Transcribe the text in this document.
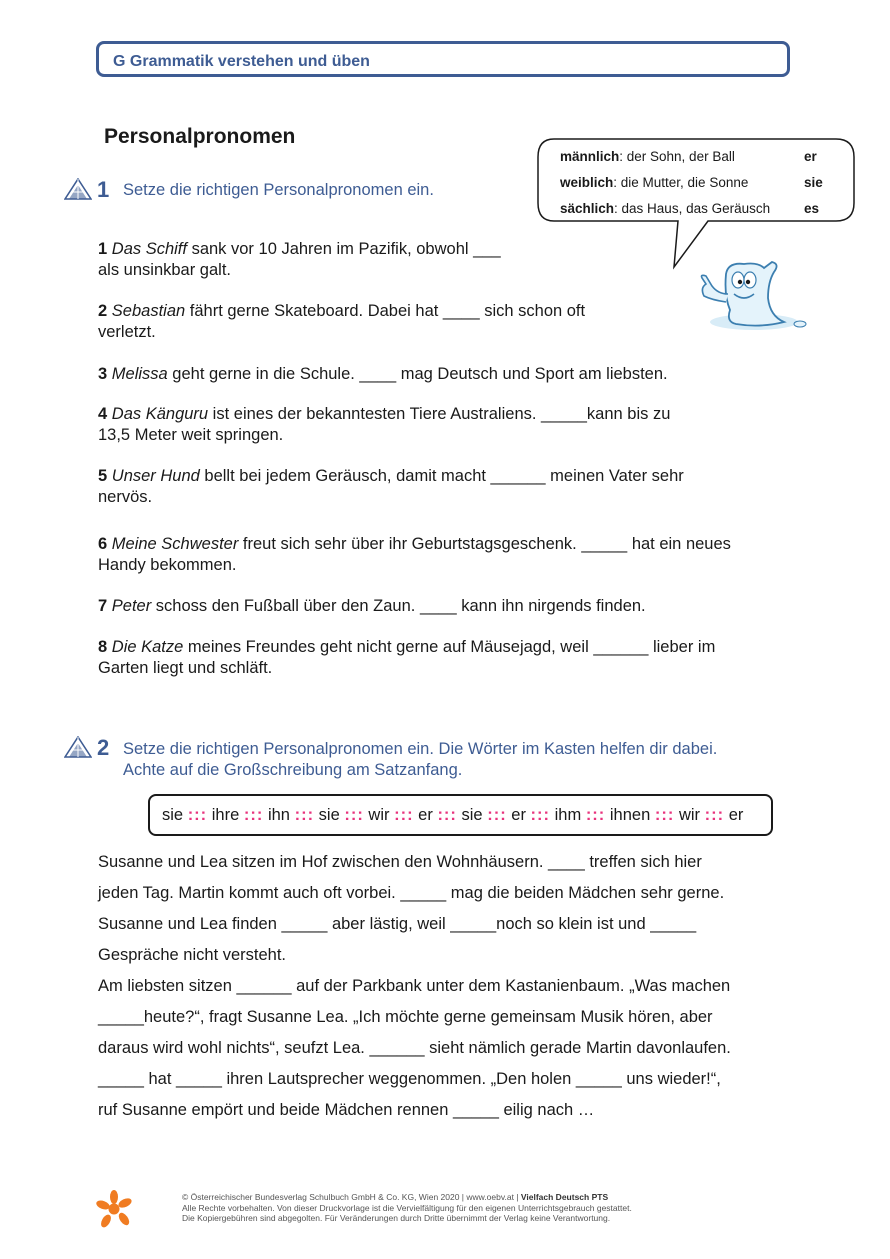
G Grammatik verstehen und üben
Personalpronomen
männlich: der Sohn, der Ball	er
weiblich: die Mutter, die Sonne	sie
sächlich: das Haus, das Geräusch	es
1 Setze die richtigen Personalpronomen ein.
1 Das Schiff sank vor 10 Jahren im Pazifik, obwohl ___
als unsinkbar galt.
2 Sebastian fährt gerne Skateboard. Dabei hat ____ sich schon oft
verletzt.
3 Melissa geht gerne in die Schule. ____ mag Deutsch und Sport am liebsten.
4 Das Känguru ist eines der bekanntesten Tiere Australiens. _____kann bis zu
13,5 Meter weit springen.
5 Unser Hund bellt bei jedem Geräusch, damit macht ______ meinen Vater sehr
nervös.
6 Meine Schwester freut sich sehr über ihr Geburtstagsgeschenk. _____ hat ein neues
Handy bekommen.
7 Peter schoss den Fußball über den Zaun. ____ kann ihn nirgends finden.
8 Die Katze meines Freundes geht nicht gerne auf Mäusejagd, weil ______ lieber im
Garten liegt und schläft.
2 Setze die richtigen Personalpronomen ein. Die Wörter im Kasten helfen dir dabei.
Achte auf die Großschreibung am Satzanfang.
sie ::: ihre ::: ihn ::: sie ::: wir ::: er ::: sie ::: er ::: ihm ::: ihnen ::: wir ::: er
Susanne und Lea sitzen im Hof zwischen den Wohnhäusern. ____ treffen sich hier
jeden Tag. Martin kommt auch oft vorbei. _____ mag die beiden Mädchen sehr gerne.
Susanne und Lea finden _____ aber lästig, weil _____noch so klein ist und _____
Gespräche nicht versteht.
Am liebsten sitzen ______ auf der Parkbank unter dem Kastanienbaum. „Was machen
_____heute?“, fragt Susanne Lea. „Ich möchte gerne gemeinsam Musik hören, aber
daraus wird wohl nichts“, seufzt Lea. ______ sieht nämlich gerade Martin davonlaufen.
_____ hat _____ ihren Lautsprecher weggenommen. „Den holen _____ uns wieder!“,
ruf Susanne empört und beide Mädchen rennen _____ eilig nach …
© Österreichischer Bundesverlag Schulbuch GmbH & Co. KG, Wien 2020 | www.oebv.at | Vielfach Deutsch PTS
Alle Rechte vorbehalten. Von dieser Druckvorlage ist die Vervielfältigung für den eigenen Unterrichtsgebrauch gestattet.
Die Kopiergebühren sind abgegolten. Für Veränderungen durch Dritte übernimmt der Verlag keine Verantwortung.
